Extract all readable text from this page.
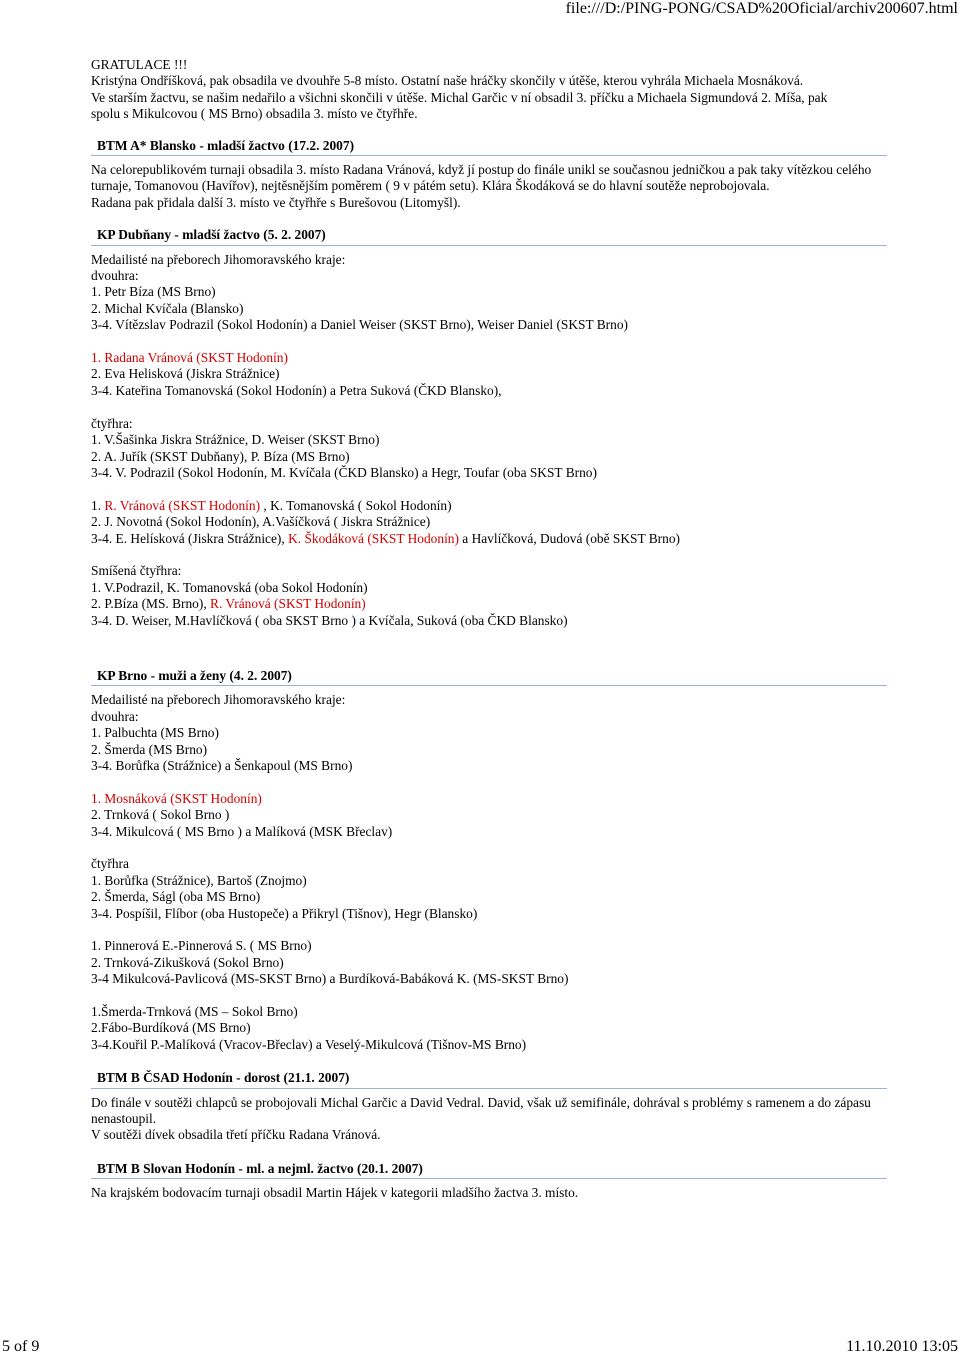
file:///D:/PING-PONG/CSAD%20Oficial/archiv200607.html
GRATULACE !!!
Kristýna Ondříšková, pak obsadila ve dvouhře 5-8 místo. Ostatní naše hráčky skončily v útěše, kterou vyhrála Michaela Mosnáková.
Ve starším žactvu, se našim nedařilo a všichni skončili v útěše. Michal Garčic v ní obsadil 3. příčku a Michaela Sigmundová 2. Míša, pak
spolu s Mikulcovou ( MS Brno) obsadila 3. místo ve čtyřhře.
BTM A* Blansko - mladší žactvo (17.2. 2007)
Na celorepublikovém turnaji obsadila 3. místo Radana Vránová, když jí postup do finále unikl se současnou jedničkou a pak taky vítězkou celého turnaje, Tomanovou (Havířov), nejtěsnějším poměrem ( 9 v pátém setu). Klára Škodáková se do hlavní soutěže neprobojovala.
Radana pak přidala další 3. místo ve čtyřhře s Burešovou (Litomyšl).
KP Dubňany - mladší žactvo (5. 2. 2007)
Medailisté na přeborech Jihomoravského kraje:
dvouhra:
1. Petr Bíza (MS Brno)
2. Michal Kvíčala (Blansko)
3-4. Vítězslav Podrazil (Sokol Hodonín) a Daniel Weiser (SKST Brno), Weiser Daniel (SKST Brno)
1. Radana Vránová (SKST Hodonín)
2. Eva Helisková (Jiskra Strážnice)
3-4. Kateřina Tomanovská (Sokol Hodonín) a Petra Suková (ČKD Blansko),
čtyřhra:
1. V.Šašinka Jiskra Strážnice, D. Weiser (SKST Brno)
2. A. Juřík (SKST Dubňany), P. Bíza (MS Brno)
3-4. V. Podrazil (Sokol Hodonín, M. Kvíčala (ČKD Blansko) a Hegr, Toufar (oba SKST Brno)
1. R. Vránová (SKST Hodonín) , K. Tomanovská ( Sokol Hodonín)
2. J. Novotná (Sokol Hodonín), A.Vašíčková ( Jiskra Strážnice)
3-4. E. Helísková (Jiskra Strážnice), K. Škodáková (SKST Hodonín) a Havlíčková, Dudová (obě SKST Brno)
Smíšená čtyřhra:
1. V.Podrazil, K. Tomanovská (oba Sokol Hodonín)
2. P.Bíza (MS. Brno), R. Vránová (SKST Hodonín)
3-4. D. Weiser, M.Havlíčková ( oba SKST Brno ) a Kvíčala, Suková (oba ČKD Blansko)
KP Brno - muži a ženy (4. 2. 2007)
Medailisté na přeborech Jihomoravského kraje:
dvouhra:
1. Palbuchta (MS Brno)
2. Šmerda (MS Brno)
3-4. Borůfka (Strážnice) a Šenkapoul (MS Brno)
1. Mosnáková (SKST Hodonín)
2. Trnková ( Sokol Brno )
3-4. Mikulcová ( MS Brno ) a Malíková (MSK Břeclav)
čtyřhra
1. Borůfka (Strážnice), Bartoš (Znojmo)
2. Šmerda, Ságl (oba MS Brno)
3-4. Pospíšil, Flíbor (oba Hustopeče) a Přikryl (Tišnov), Hegr (Blansko)
1. Pinnerová E.-Pinnerová S. ( MS Brno)
2. Trnková-Zikušková (Sokol Brno)
3-4 Mikulcová-Pavlicová (MS-SKST Brno) a Burdíková-Babáková K. (MS-SKST Brno)
1.Šmerda-Trnková (MS – Sokol Brno)
2.Fábo-Burdíková (MS Brno)
3-4.Kouřil P.-Malíková (Vracov-Břeclav) a Veselý-Mikulcová (Tišnov-MS Brno)
BTM B ČSAD Hodonín - dorost (21.1. 2007)
Do finále v soutěži chlapců se probojovali Michal Garčic a David Vedral. David, však už semifinále, dohrával s problémy s ramenem a do zápasu nenastoupil.
V soutěži dívek obsadila třetí příčku Radana Vránová.
BTM B Slovan Hodonín - ml. a nejml. žactvo (20.1. 2007)
Na krajském bodovacím turnaji obsadil Martin Hájek v kategorii mladšího žactva 3. místo.
5 of 9	11.10.2010 13:05
